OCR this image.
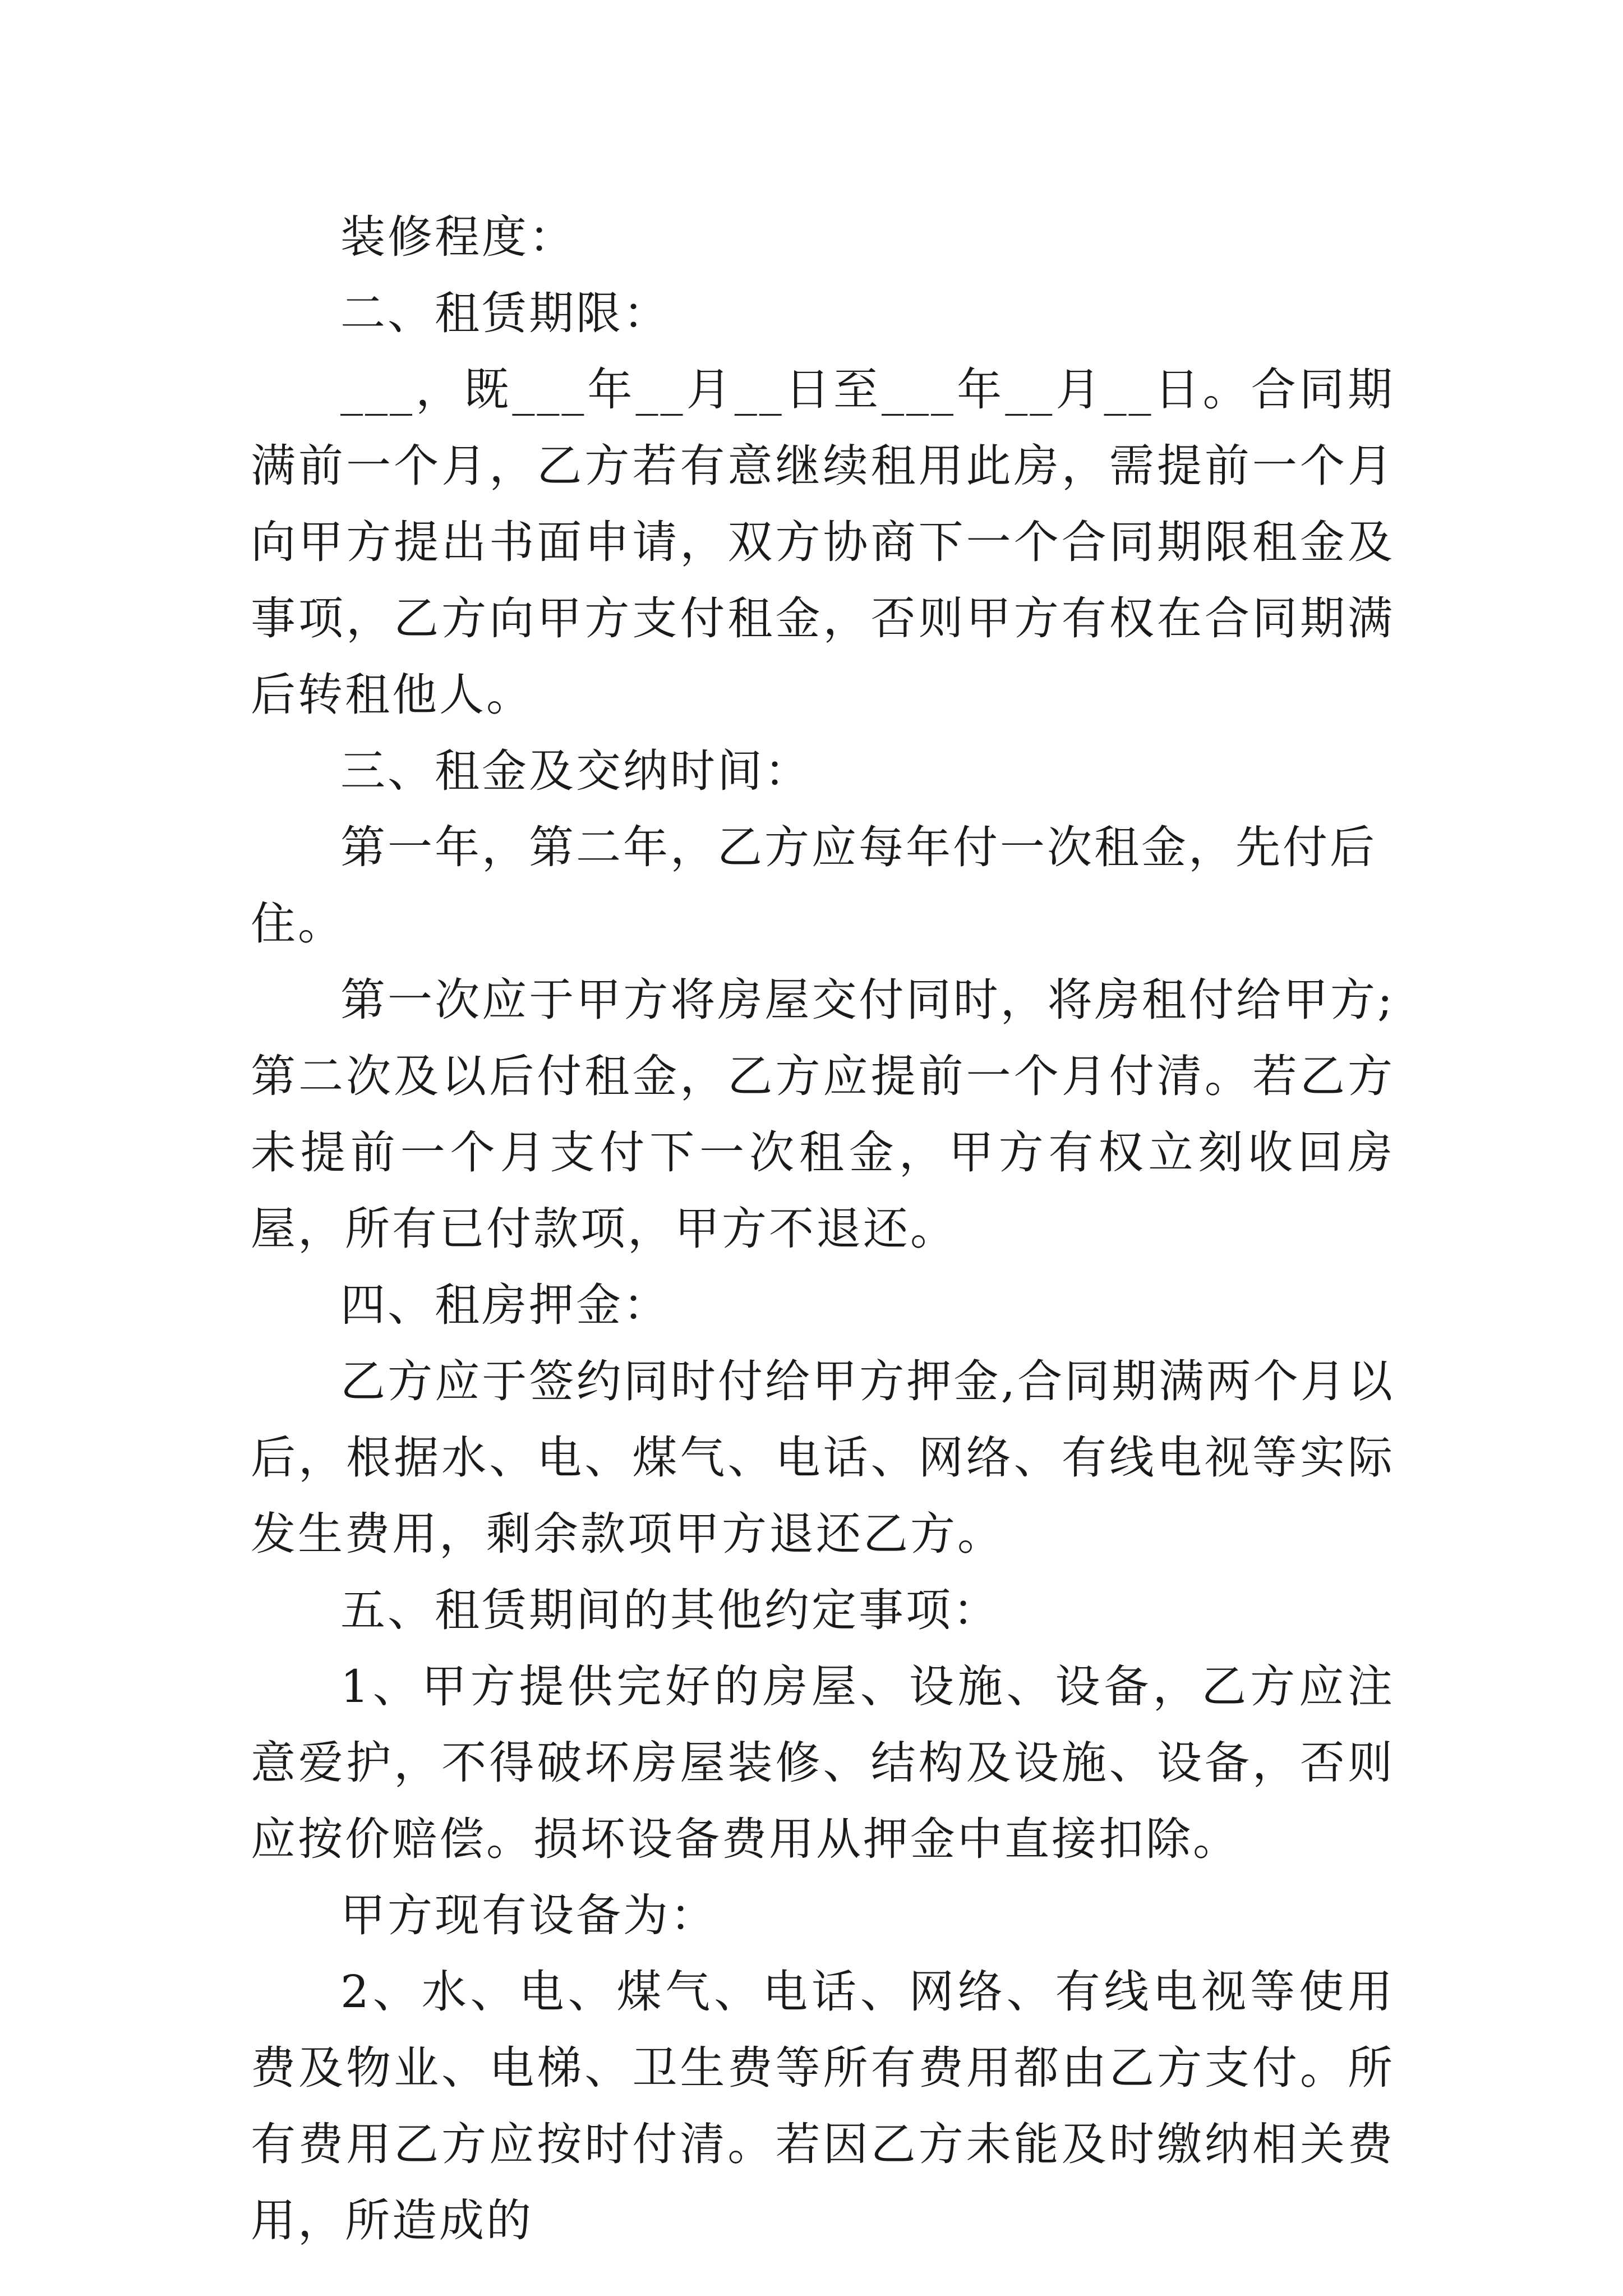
装修程度：

二、租赁期限：

___，既___年__月__日至___年__月__日。合同期满前一个月，乙方若有意继续租用此房，需提前一个月向甲方提出书面申请，双方协商下一个合同期限租金及事项，乙方向甲方支付租金，否则甲方有权在合同期满后转租他人。

三、租金及交纳时间：

第一年，第二年，乙方应每年付一次租金，先付后住。

第一次应于甲方将房屋交付同时，将房租付给甲方;第二次及以后付租金，乙方应提前一个月付清。若乙方未提前一个月支付下一次租金，甲方有权立刻收回房屋，所有已付款项，甲方不退还。

四、租房押金：

乙方应于签约同时付给甲方押金,合同期满两个月以后，根据水、电、煤气、电话、网络、有线电视等实际发生费用，剩余款项甲方退还乙方。

五、租赁期间的其他约定事项：

1、甲方提供完好的房屋、设施、设备，乙方应注意爱护，不得破坏房屋装修、结构及设施、设备，否则应按价赔偿。损坏设备费用从押金中直接扣除。

甲方现有设备为：

2、水、电、煤气、电话、网络、有线电视等使用费及物业、电梯、卫生费等所有费用都由乙方支付。所有费用乙方应按时付清。若因乙方未能及时缴纳相关费用，所造成的
